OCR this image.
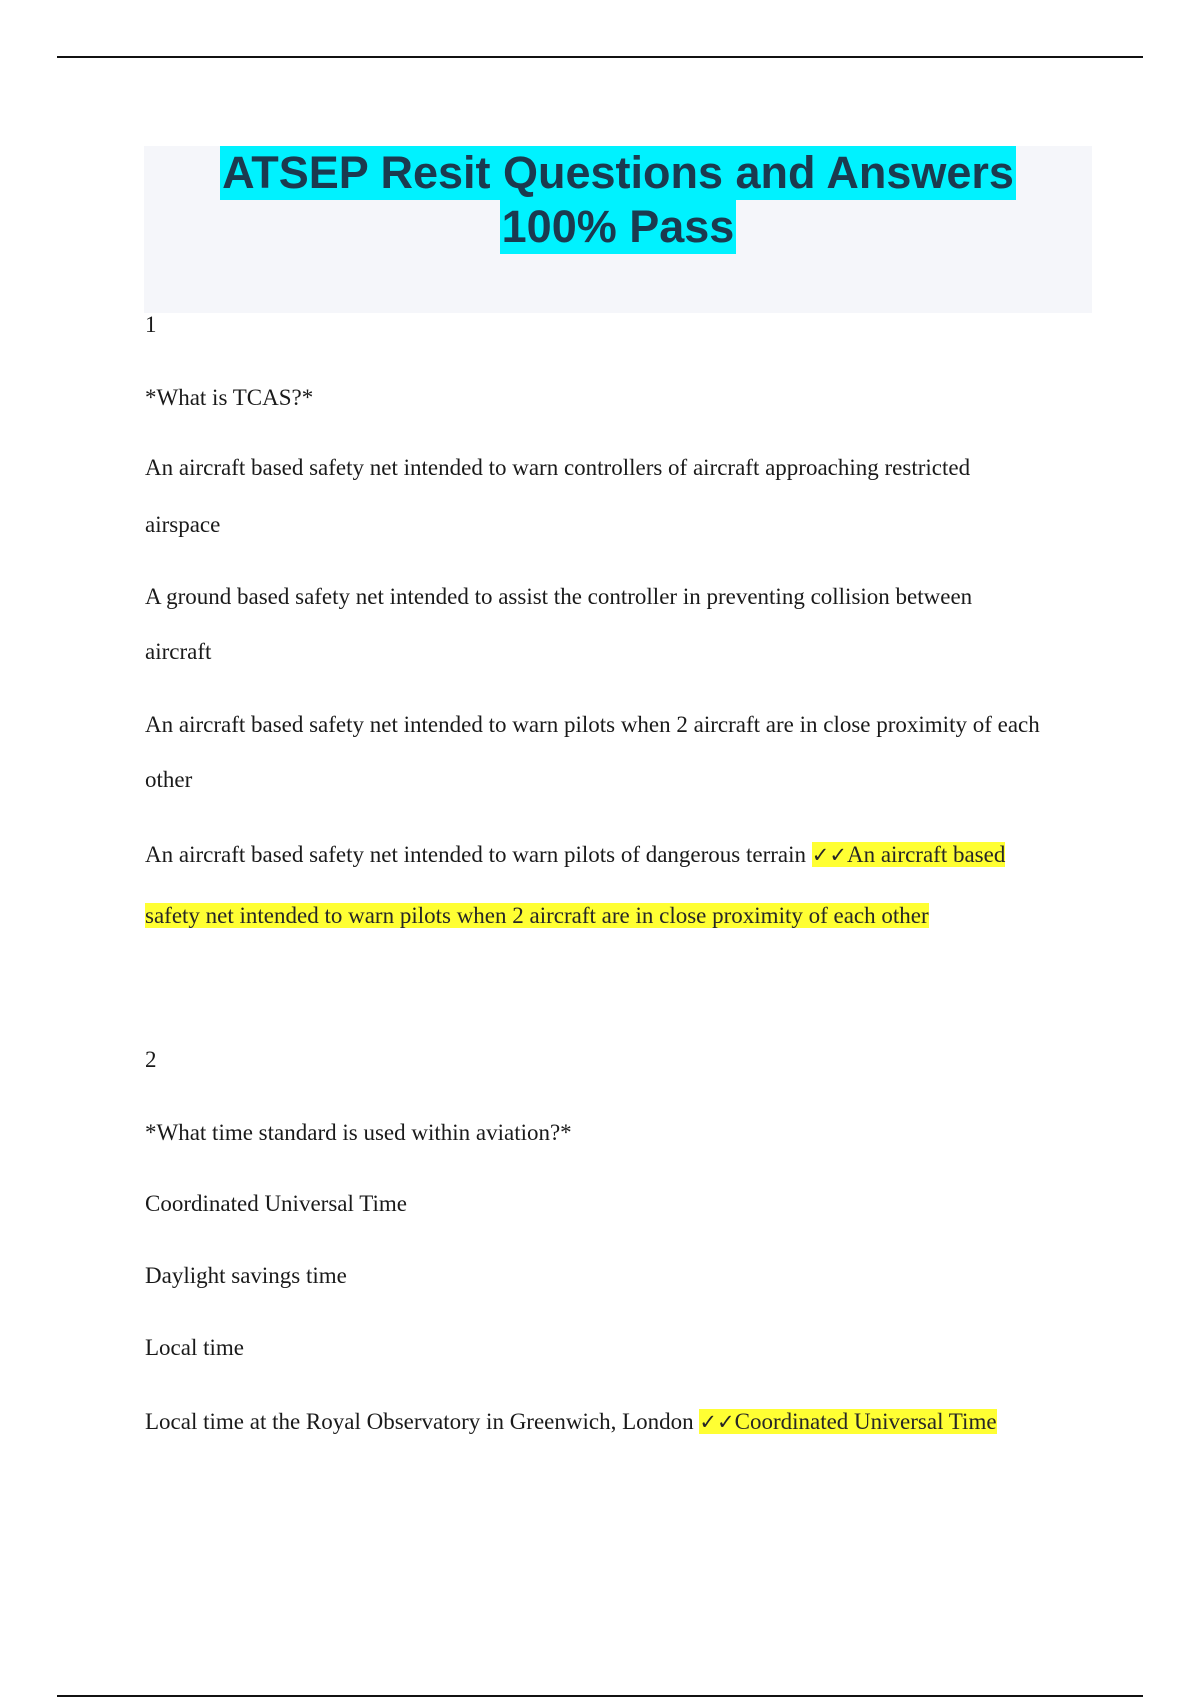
ATSEP Resit Questions and Answers
100% Pass
1
*What is TCAS?*
An aircraft based safety net intended to warn controllers of aircraft approaching restricted
airspace
A ground based safety net intended to assist the controller in preventing collision between
aircraft
An aircraft based safety net intended to warn pilots when 2 aircraft are in close proximity of each
other
An aircraft based safety net intended to warn pilots of dangerous terrain ✓✓An aircraft based
safety net intended to warn pilots when 2 aircraft are in close proximity of each other
2
*What time standard is used within aviation?*
Coordinated Universal Time
Daylight savings time
Local time
Local time at the Royal Observatory in Greenwich, London ✓✓Coordinated Universal Time
